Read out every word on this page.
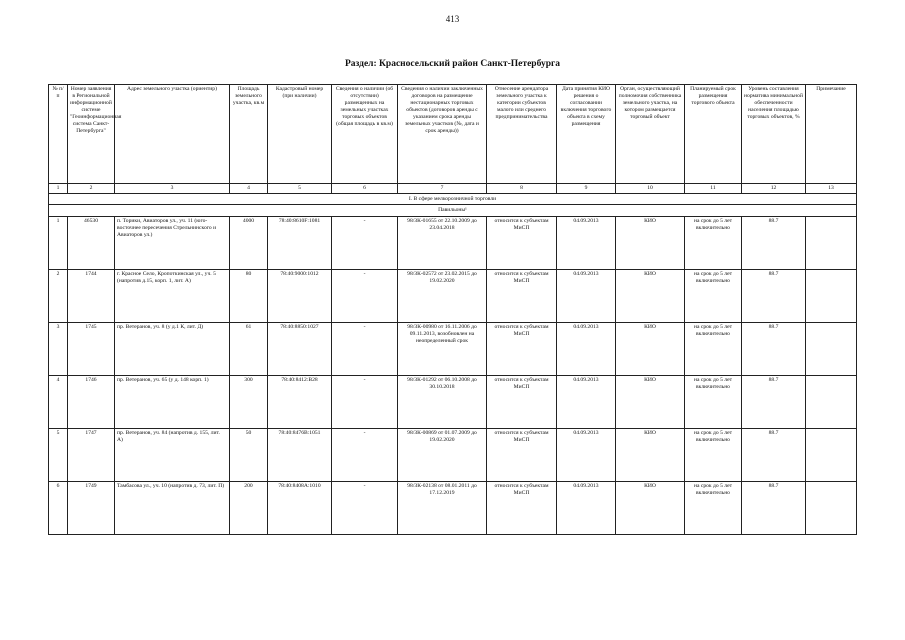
413
Раздел: Красносельский район Санкт-Петербурга
№ п/п	Номер заявления в Региональной информационной системе "Геоинформационная система Санкт-Петербурга"	Адрес земельного участка (ориентир)	Площадь земельного участка, кв.м	Кадастровый номер (при наличии)	Сведения о наличии (об отсутствии) размещенных на земельных участках торговых объектов (общая площадь в кв.м)	Сведения о наличии заключенных договоров на размещение нестационарных торговых объектов (договоров аренды с указанием срока аренды земельных участков (№, дата и срок аренды))	Отнесение арендатора земельного участка к категории субъектов малого или среднего предпринимательства	Дата принятия КИО решения о согласовании включения торгового объекта в схему размещения	Орган, осуществляющий полномочия собственника земельного участка, на котором размещается торговый объект	Планируемый срок размещения торгового объекта	Уровень составления норматива минимальной обеспеченности населения площадью торговых объектов, %	Примечание
1	2	3	4	5	6	7	8	9	10	11	12	13
I. В сфере мелкорозничной торговли												
Павильоны¹												
1	46530	п. Торики, Авиаторов ул., уч. 11 (юго-восточнее пересечения Стрельнинского и Авиаторов ул.)	4000	78:40:8610F:1081	-	98/ЗК-01655 от 22.10.2009 до 23.04.2018	относится к субъектам МиСП	04.09.2013	КИО	на срок до 5 лет включительно	88.7	
2	1744	г. Красное Село, Кропоткинская ул., уч. 5 (напротив д.15, корп. 1, лит. А)	80	78:40:9000:1012	-	98/ЗК-02572 от 23.02.2015 до 19.02.2020	относится к субъектам МиСП	04.09.2013	КИО	на срок до 5 лет включительно	88.7	
3	1745	пр. Ветеранов, уч. 8 (у д.1 К, лит. Д)	61	78:40:8850:1027	-	98/ЗК-00980 от 16.11.2006 до 09.11.2013, возобновлен на неопределенный срок	относится к субъектам МиСП	04.09.2013	КИО	на срок до 5 лет включительно	88.7	
4	1746	пр. Ветеранов, уч. 65 (у д. 148 корп. 1)	300	78:40:8412:B28	-	98/ЗК-01292 от 06.10.2008 до 30.10.2018	относится к субъектам МиСП	04.09.2013	КИО	на срок до 5 лет включительно	88.7	
5	1747	пр. Ветеранов, уч. 84 (напротив д. 155, лит. А)	50	78:40:8476В:1051	-	98/ЗК-00869 от 01.07.2009 до 19.02.2020	относится к субъектам МиСП	04.09.2013	КИО	на срок до 5 лет включительно	88.7	
6	1749	Тамбасова ул., уч. 10 (напротив д. 73, лит. П)	200	78:40:8408А:1010	-	98/ЗК-02138 от 08.01.2011 до 17.12.2019	относится к субъектам МиСП	04.09.2013	КИО	на срок до 5 лет включительно	88.7	
